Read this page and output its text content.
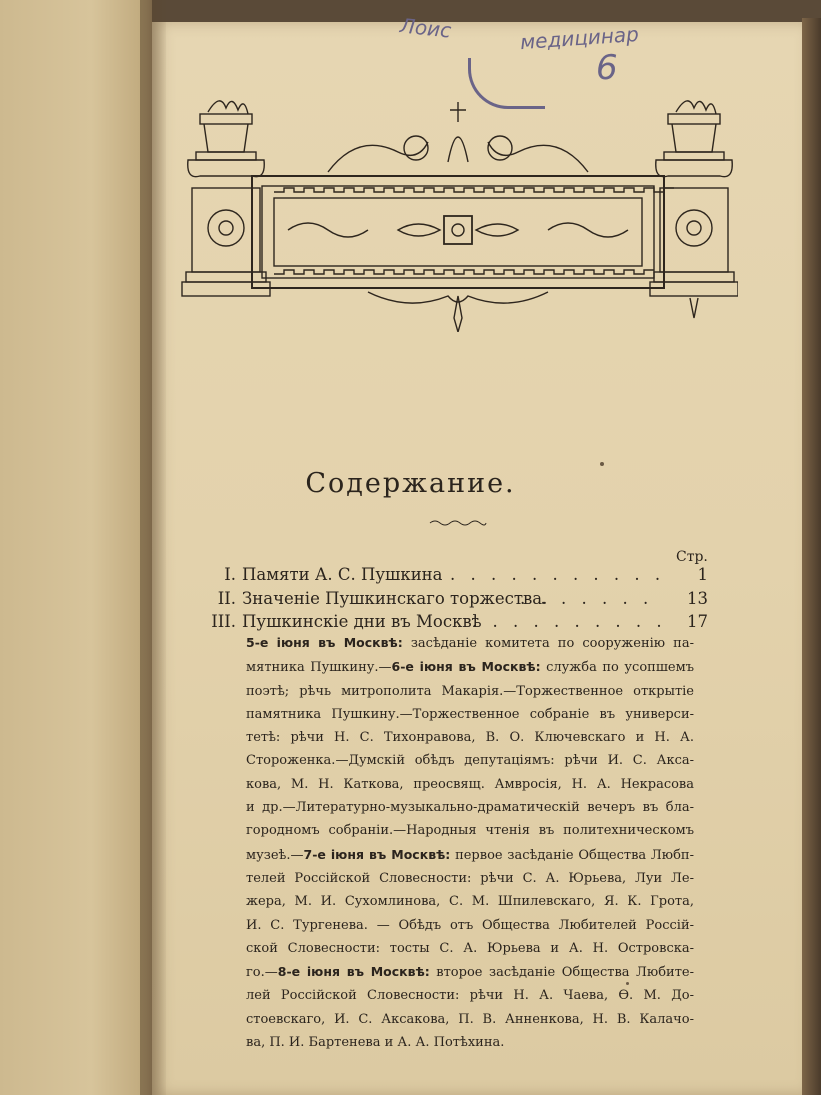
Лоис	медицинар
6
Содержание.
Стр.
I. Памяти А. С. Пушкина . . . . . . . . . . . 1
II. Значеніе Пушкинскаго торжества.
. . . . . . . 13
III. Пушкинскіе дни въ Москвѣ
. . . . . . . . . . 17
5-е іюня въ Москвѣ: засѣданіе комитета по сооруженію па-
мятника Пушкину.—6-е іюня въ Москвѣ: служба по усопшемъ
поэтѣ; рѣчь митрополита Макарія.—Торжественное открытіе
памятника Пушкину.—Торжественное собраніе въ универси-
тетѣ: рѣчи Н. С. Тихонравова, В. О. Ключевскаго и Н. А.
Стороженка.—Думскій обѣдъ депутаціямъ: рѣчи И. С. Акса-
кова, М. Н. Каткова, преосвящ. Амвросія, Н. А. Некрасова
и др.—Литературно-музыкально-драматическій вечеръ въ бла-
городномъ собраніи.—Народныя чтенія въ политехническомъ
музеѣ.—7-е іюня въ Москвѣ: первое засѣданіе Общества Любп-
телей Россійской Словесности: рѣчи С. А. Юрьева, Луи Ле-
жера, М. И. Сухомлинова, С. М. Шпилевскаго, Я. К. Грота,
И. С. Тургенева. — Обѣдъ отъ Общества Любителей Россій-
ской Словесности: тосты С. А. Юрьева и А. Н. Островска-
го.—8-е іюня въ Москвѣ: второе засѣданіе Общества Любите-
лей Россійской Словесности: рѣчи Н. А. Чаева, Ѳ. М. До-
стоевскаго, И. С. Аксакова, П. В. Анненкова, Н. В. Калачо-
ва, П. И. Бартенева и А. А. Потѣхина.
